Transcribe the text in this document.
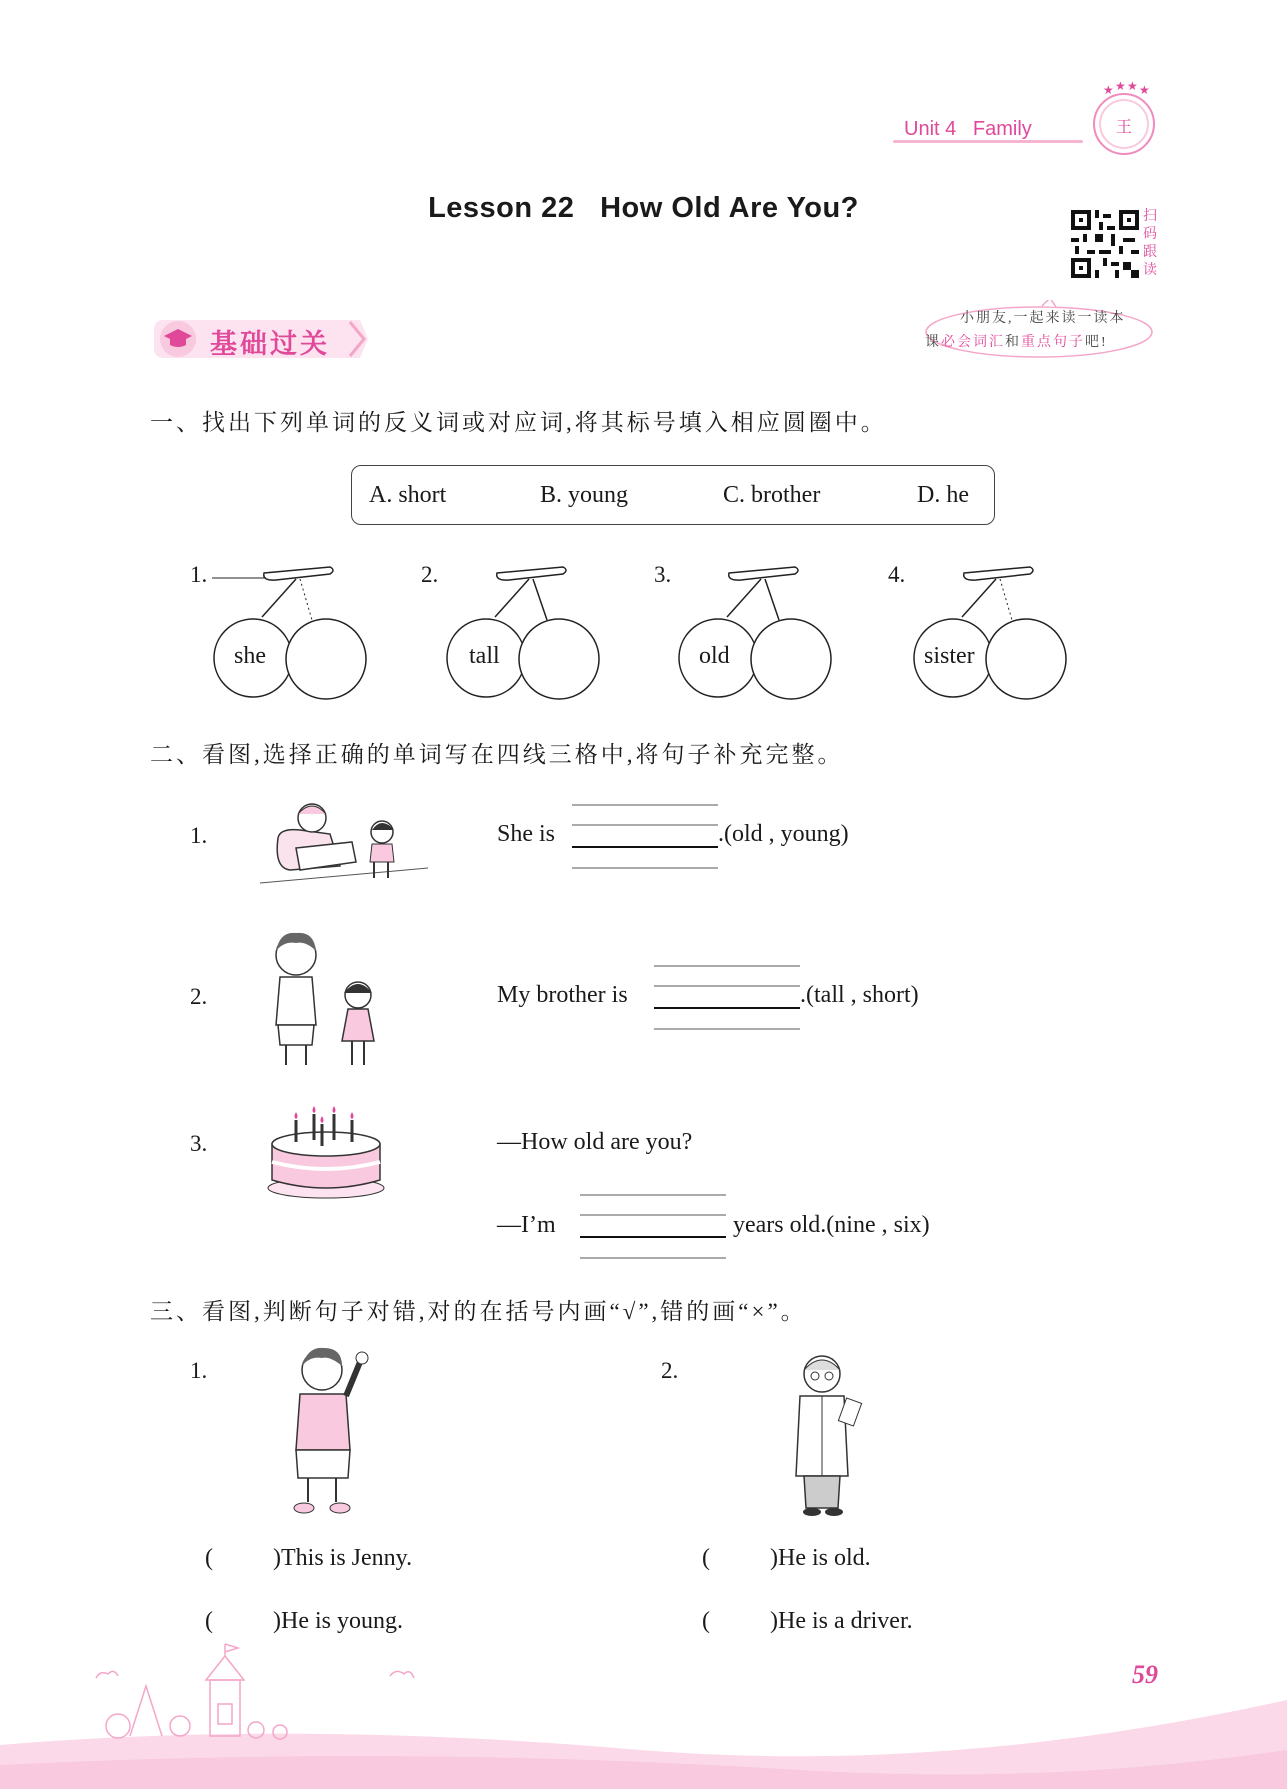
Unit 4 Family	王
★ ★ ★ ★
Lesson 22 How Old Are You?	扫
码
跟
读
基础过关
小朋友,一起来读一读本
课必会词汇和重点句子吧!
一、找出下列单词的反义词或对应词,将其标号填入相应圆圈中。
A. short	B. young	C. brother	D. he
1.
she
2.
tall
3.
old
4.
sister
二、看图,选择正确的单词写在四线三格中,将句子补充完整。
1.	She is	.(old , young)
2.	My brother is	.(tall , short)
3.	—How old are you?
—I’m	years old.(nine , six)
三、看图,判断句子对错,对的在括号内画“√”,错的画“×”。
1.	2.
(          )This is Jenny.
(          )He is young.
(          )He is old.
(          )He is a driver.
59
